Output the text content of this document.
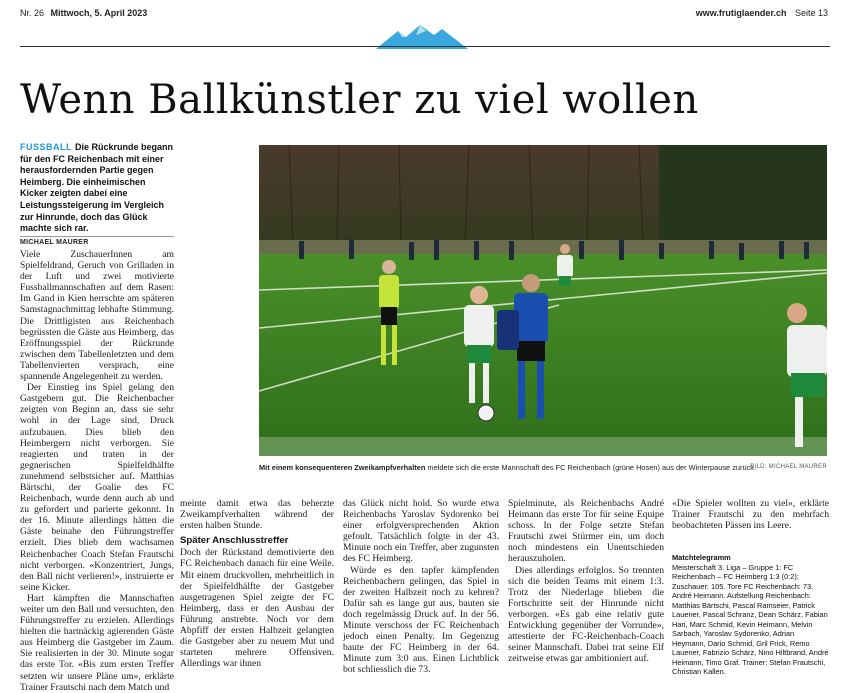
Nr. 26 Mittwoch, 5. April 2023	www.frutiglaender.ch Seite 13
Wenn Ballkünstler zu viel wollen
FUSSBALL Die Rückrunde begann für den FC Reichenbach mit einer herausfordernden Partie gegen Heimberg. Die einheimischen Kicker zeigten dabei eine Leistungssteigerung im Vergleich zur Hinrunde, doch das Glück machte sich rar.
MICHAEL MAURER

Viele ZuschauerInnen am Spielfeldrand, Geruch von Grilladen in der Luft und zwei motivierte Fussballmannschaften auf dem Rasen: Im Gand in Kien herrschte am späteren Samstagnachmittag lebhafte Stimmung. Die Drittligisten aus Reichenbach begrüssten die Gäste aus Heimberg, das Eröffnungsspiel der Rückrunde zwischen dem Tabellenletzten und dem Tabellenvierten versprach, eine spannende Angelegenheit zu werden.

Der Einstieg ins Spiel gelang den Gastgebern gut. Die Reichenbacher zeigten von Beginn an, dass sie sehr wohl in der Lage sind, Druck aufzubauen. Dies blieb den Heimbergern nicht verborgen. Sie reagierten und traten in der gegnerischen Spielfeldhälfte zunehmend selbstsicher auf. Matthias Bärtschi, der Goalie des FC Reichenbach, wurde denn auch ab und zu gefordert und parierte gekonnt. In der 16. Minute allerdings hätten die Gäste beinahe den Führungstreffer erzielt. Dies blieb dem wachsamen Reichenbacher Coach Stefan Frautschi nicht verborgen. «Konzentriert, Jungs, den Ball nicht verlieren!», instruierte er seine Kicker.

Hart kämpften die Mannschaften weiter um den Ball und versuchten, den Führungstreffer zu erzielen. Allerdings hielten die hartnäckig agierenden Gäste aus Heimberg die Gastgeber im Zaum. Sie realisierten in der 30. Minute sogar das erste Tor. «Bis zum ersten Treffer setzten wir unsere Pläne um», erklärte Trainer Frautschi nach dem Match und

Mit einem konsequenteren Zweikampfverhalten meldete sich die erste Mannschaft des FC Reichenbach (grüne Hosen) aus der Winterpause zurück.
BILD: MICHAEL MAURER

meinte damit etwa das beherzte Zweikampfverhalten während der ersten halben Stunde.

Später Anschlusstreffer

Doch der Rückstand demotivierte den FC Reichenbach danach für eine Weile. Mit einem druckvollen, mehrheitlich in der Spielfeldhälfte der Gastgeber ausgetragenen Spiel zeigte der FC Heimberg, dass er den Ausbau der Führung anstrebte. Noch vor dem Abpfiff der ersten Halbzeit gelangten die Gastgeber aber zu neuem Mut und starteten mehrere Offensiven. Allerdings war ihnen

das Glück nicht hold. So wurde etwa Reichenbachs Yaroslav Sydorenko bei einer erfolgversprechenden Aktion gefoult. Tatsächlich folgte in der 43. Minute noch ein Treffer, aber zugunsten des FC Heimberg.

Würde es den tapfer kämpfenden Reichenbachern gelingen, das Spiel in der zweiten Halbzeit noch zu kehren? Dafür sah es lange gut aus, bauten sie doch regelmässig Druck auf. In der 56. Minute verschoss der FC Reichenbach jedoch einen Penalty. Im Gegenzug baute der FC Heimberg in der 64. Minute zum 3:0 aus. Einen Lichtblick bot schliesslich die 73.

Spielminute, als Reichenbachs André Heimann das erste Tor für seine Equipe schoss. In der Folge setzte Stefan Frautschi zwei Stürmer ein, um doch noch mindestens ein Unentschieden herauszuholen.

Dies allerdings erfolglos. So trennten sich die beiden Teams mit einem 1:3. Trotz der Niederlage blieben die Fortschritte seit der Hinrunde nicht verborgen. «Es gab eine relativ gute Entwicklung gegenüber der Vorrunde», attestierte der FC-Reichenbach-Coach seiner Mannschaft. Dabei trat seine Elf zeitweise etwas gar ambitioniert auf.

«Die Spieler wollten zu viel», erklärte Trainer Frautschi zu den mehrfach beobachteten Pässen ins Leere.

Matchtelegramm
Meisterschaft 3. Liga – Gruppe 1: FC Reichenbach – FC Heimberg 1:3 (0:2); Zuschauer: 105. Tore FC Reichenbach: 73. André Heimann. Aufstellung Reichenbach: Matthias Bärtschi, Pascal Ramseier, Patrick Lauener, Pascal Schranz, Dean Schärz, Fabian Hari, Marc Schmid, Kevin Heimann, Melvin Sarbach, Yaroslav Sydorenko, Adrian Heymann, Dario Schmid, Gril Frick, Remo Lauener, Fabrizio Schärz, Nino Hiltbrand, André Heimann, Timo Graf. Trainer: Stefan Frautschi, Christian Kallen.
